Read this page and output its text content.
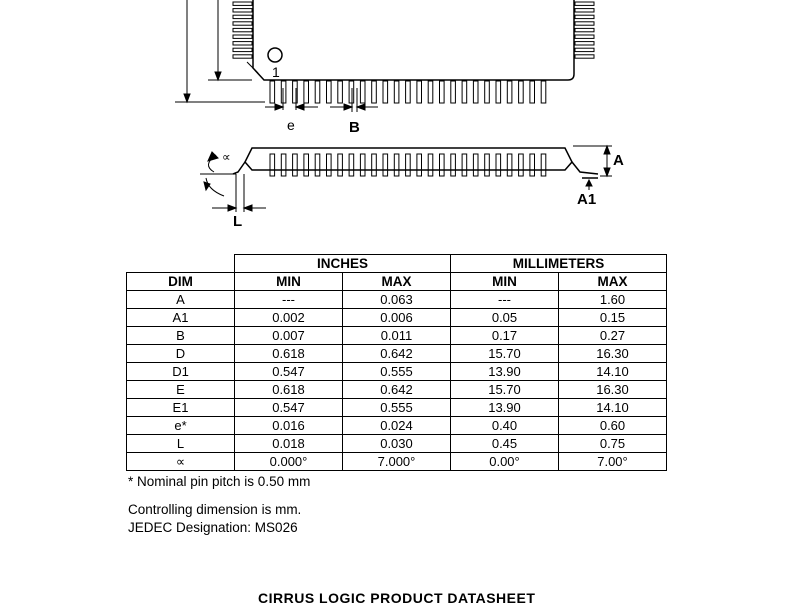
1
e	B
A
A1
∝
L
	INCHES		MILLIMETERS	
DIM	MIN	MAX	MIN	MAX
A	---	0.063	---	1.60
A1	0.002	0.006	0.05	0.15
B	0.007	0.011	0.17	0.27
D	0.618	0.642	15.70	16.30
D1	0.547	0.555	13.90	14.10
E	0.618	0.642	15.70	16.30
E1	0.547	0.555	13.90	14.10
e*	0.016	0.024	0.40	0.60
L	0.018	0.030	0.45	0.75
∝	0.000°	7.000°	0.00°	7.00°
* Nominal pin pitch is 0.50 mm
Controlling dimension is mm.
JEDEC Designation: MS026
CIRRUS LOGIC PRODUCT DATASHEET
